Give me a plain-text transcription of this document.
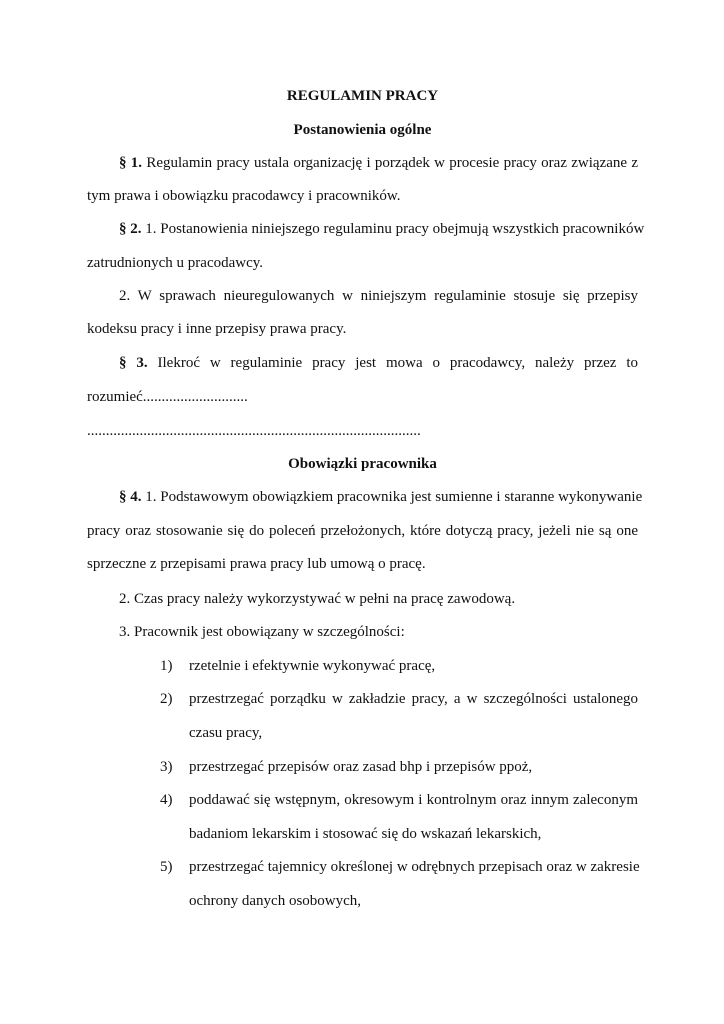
REGULAMIN PRACY
Postanowienia ogólne
§ 1. Regulamin pracy ustala organizację i porządek w procesie pracy oraz związane z
tym prawa i obowiązku pracodawcy i pracowników.
§ 2. 1. Postanowienia niniejszego regulaminu pracy obejmują wszystkich pracowników
zatrudnionych u pracodawcy.
2. W sprawach nieuregulowanych w niniejszym regulaminie stosuje się przepisy
kodeksu pracy i inne przepisy prawa pracy.
§ 3. Ilekroć w regulaminie pracy jest mowa o pracodawcy, należy przez to
rozumieć............................
.........................................................................................
Obowiązki pracownika
§ 4. 1. Podstawowym obowiązkiem pracownika jest sumienne i staranne wykonywanie
pracy oraz stosowanie się do poleceń przełożonych, które dotyczą pracy, jeżeli nie są one
sprzeczne z przepisami prawa pracy lub umową o pracę.
2. Czas pracy należy wykorzystywać w pełni na pracę zawodową.
3. Pracownik jest obowiązany w szczególności:
1) rzetelnie i efektywnie wykonywać pracę,
2) przestrzegać porządku w zakładzie pracy, a w szczególności ustalonego
czasu pracy,
3) przestrzegać przepisów oraz zasad bhp i przepisów ppoż,
4) poddawać się wstępnym, okresowym i kontrolnym oraz innym zaleconym
badaniom lekarskim i stosować się do wskazań lekarskich,
5) przestrzegać tajemnicy określonej w odrębnych przepisach oraz w zakresie
ochrony danych osobowych,
